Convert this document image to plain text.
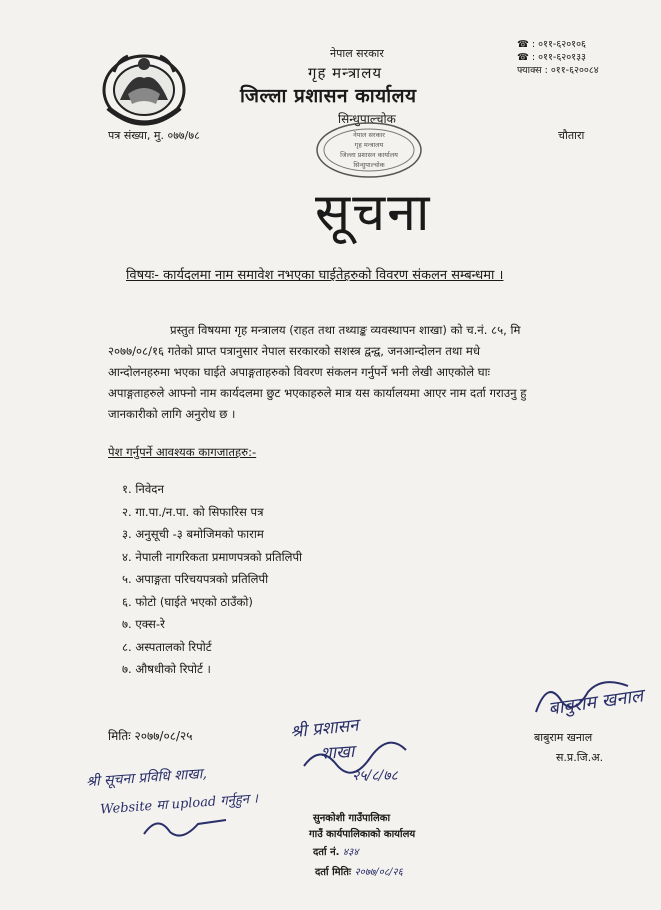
नेपाल सरकार
गृह मन्त्रालय
जिल्ला प्रशासन कार्यालय
सिन्धुपाल्चोक
☎ : ०११-६२०१०६
☎ : ०११-६२०१३३
फ्याक्स : ०११-६२००८४
पत्र संख्या, मु. ०७७/७८	चौतारा
नेपाल सरकार
गृह मन्त्रालय
जिल्ला प्रशासन कार्यालय
सिन्धुपाल्चोक
सूचना
विषयः- कार्यदलमा नाम समावेश नभएका घाईतेहरुको विवरण संकलन सम्बन्धमा ।
प्रस्तुत विषयमा गृह मन्त्रालय (राहत तथा तथ्याङ्क व्यवस्थापन शाखा) को च.नं. ८५, मि
२०७७/०८/१६ गतेको प्राप्त पत्रानुसार नेपाल सरकारको सशस्त्र द्वन्द्व, जनआन्दोलन तथा मधे
आन्दोलनहरुमा भएका घाईते अपाङ्गताहरुको विवरण संकलन गर्नुपर्ने भनी लेखी आएकोले घाः
अपाङ्गताहरुले आफ्नो नाम कार्यदलमा छुट भएकाहरुले मात्र यस कार्यालयमा आएर नाम दर्ता गराउनु हु
जानकारीको लागि अनुरोध छ ।
पेश गर्नुपर्ने आवश्यक कागजातहरु:-
१. निवेदन
२. गा.पा./न.पा. को सिफारिस पत्र
३. अनुसूची -३ बमोजिमको फाराम
४. नेपाली नागरिकता प्रमाणपत्रको प्रतिलिपी
५. अपाङ्गता परिचयपत्रको प्रतिलिपी
६. फोटो (घाईते भएको ठाउँको)
७. एक्स-रे
८. अस्पतालको रिपोर्ट
७. औषधीको रिपोर्ट ।
मितिः २०७७/०८/२५	श्री प्रशासन
शाखा
२५/८/७८
श्री सूचना प्रविधि शाखा,
Website मा upload गर्नुहुन ।
बाबुराम खनाल
बाबुराम खनाल
स.प्र.जि.अ.
सुनकोशी गाउँपालिका
गाउँ कार्यपालिकाको कार्यालय
दर्ता नं. ४३४
दर्ता मितिः २०७७/०८/२६
